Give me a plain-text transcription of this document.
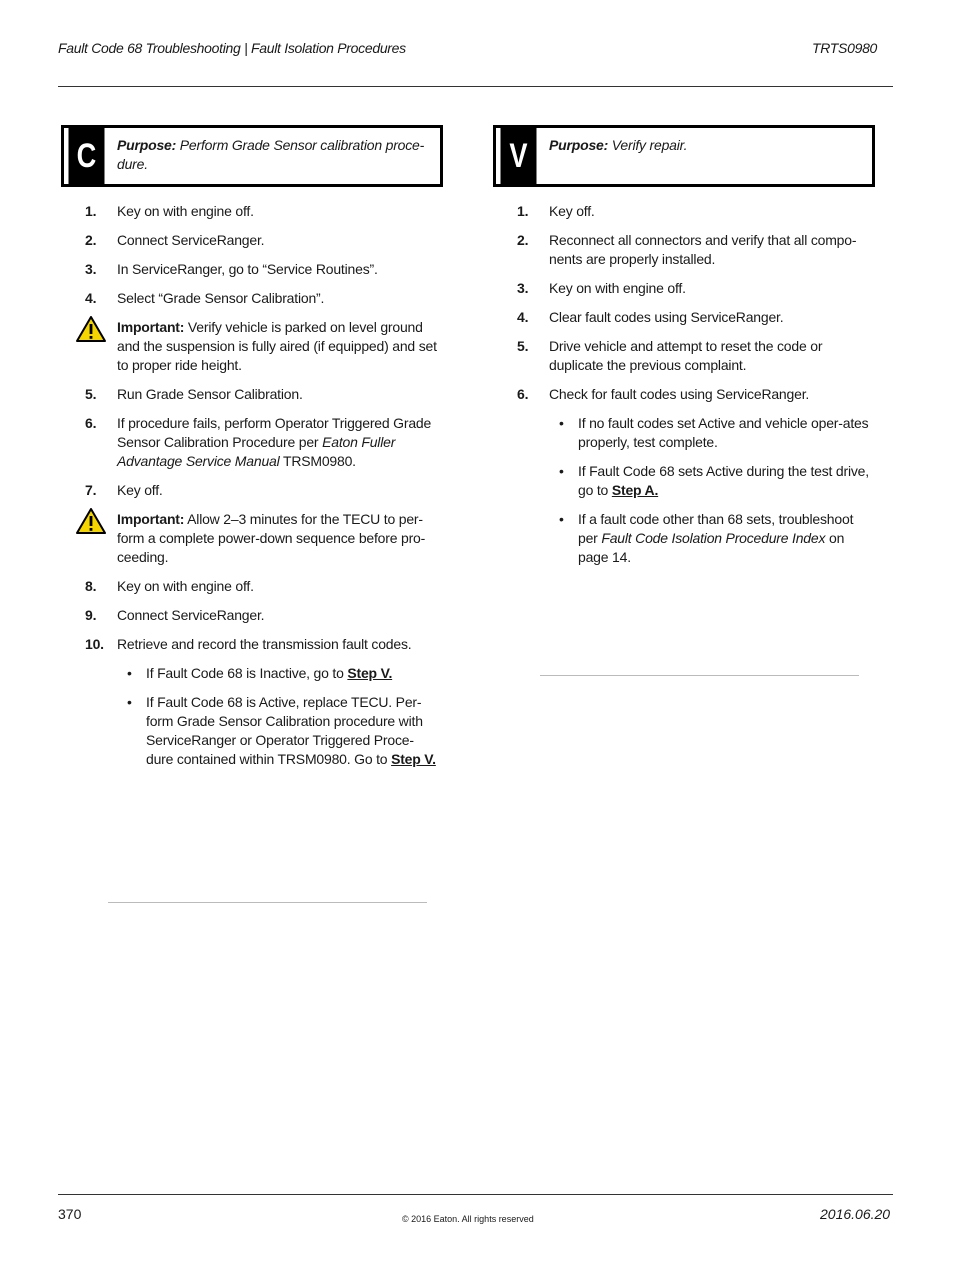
Fault Code 68 Troubleshooting | Fault Isolation Procedures	TRTS0980
C	Purpose: Perform Grade Sensor calibration proce-dure.	V	Purpose: Verify repair.
1. Key on with engine off.
2. Connect ServiceRanger.
3. In ServiceRanger, go to “Service Routines”.
4. Select “Grade Sensor Calibration”.
Important: Verify vehicle is parked on level ground and the suspension is fully aired (if equipped) and set to proper ride height.
5. Run Grade Sensor Calibration.
6. If procedure fails, perform Operator Triggered Grade Sensor Calibration Procedure per Eaton Fuller Advantage Service Manual TRSM0980.
7. Key off.
Important: Allow 2–3 minutes for the TECU to per-form a complete power-down sequence before pro-ceeding.
8. Key on with engine off.
9. Connect ServiceRanger.
10. Retrieve and record the transmission fault codes.
• If Fault Code 68 is Inactive, go to Step V.
• If Fault Code 68 is Active, replace TECU. Per-form Grade Sensor Calibration procedure with ServiceRanger or Operator Triggered Proce-dure contained within TRSM0980. Go to Step V.
1. Key off.
2. Reconnect all connectors and verify that all compo-nents are properly installed.
3. Key on with engine off.
4. Clear fault codes using ServiceRanger.
5. Drive vehicle and attempt to reset the code or duplicate the previous complaint.
6. Check for fault codes using ServiceRanger.
• If no fault codes set Active and vehicle oper-ates properly, test complete.
• If Fault Code 68 sets Active during the test drive, go to Step A.
• If a fault code other than 68 sets, troubleshoot per Fault Code Isolation Procedure Index on page 14.
370	© 2016 Eaton. All rights reserved	2016.06.20
